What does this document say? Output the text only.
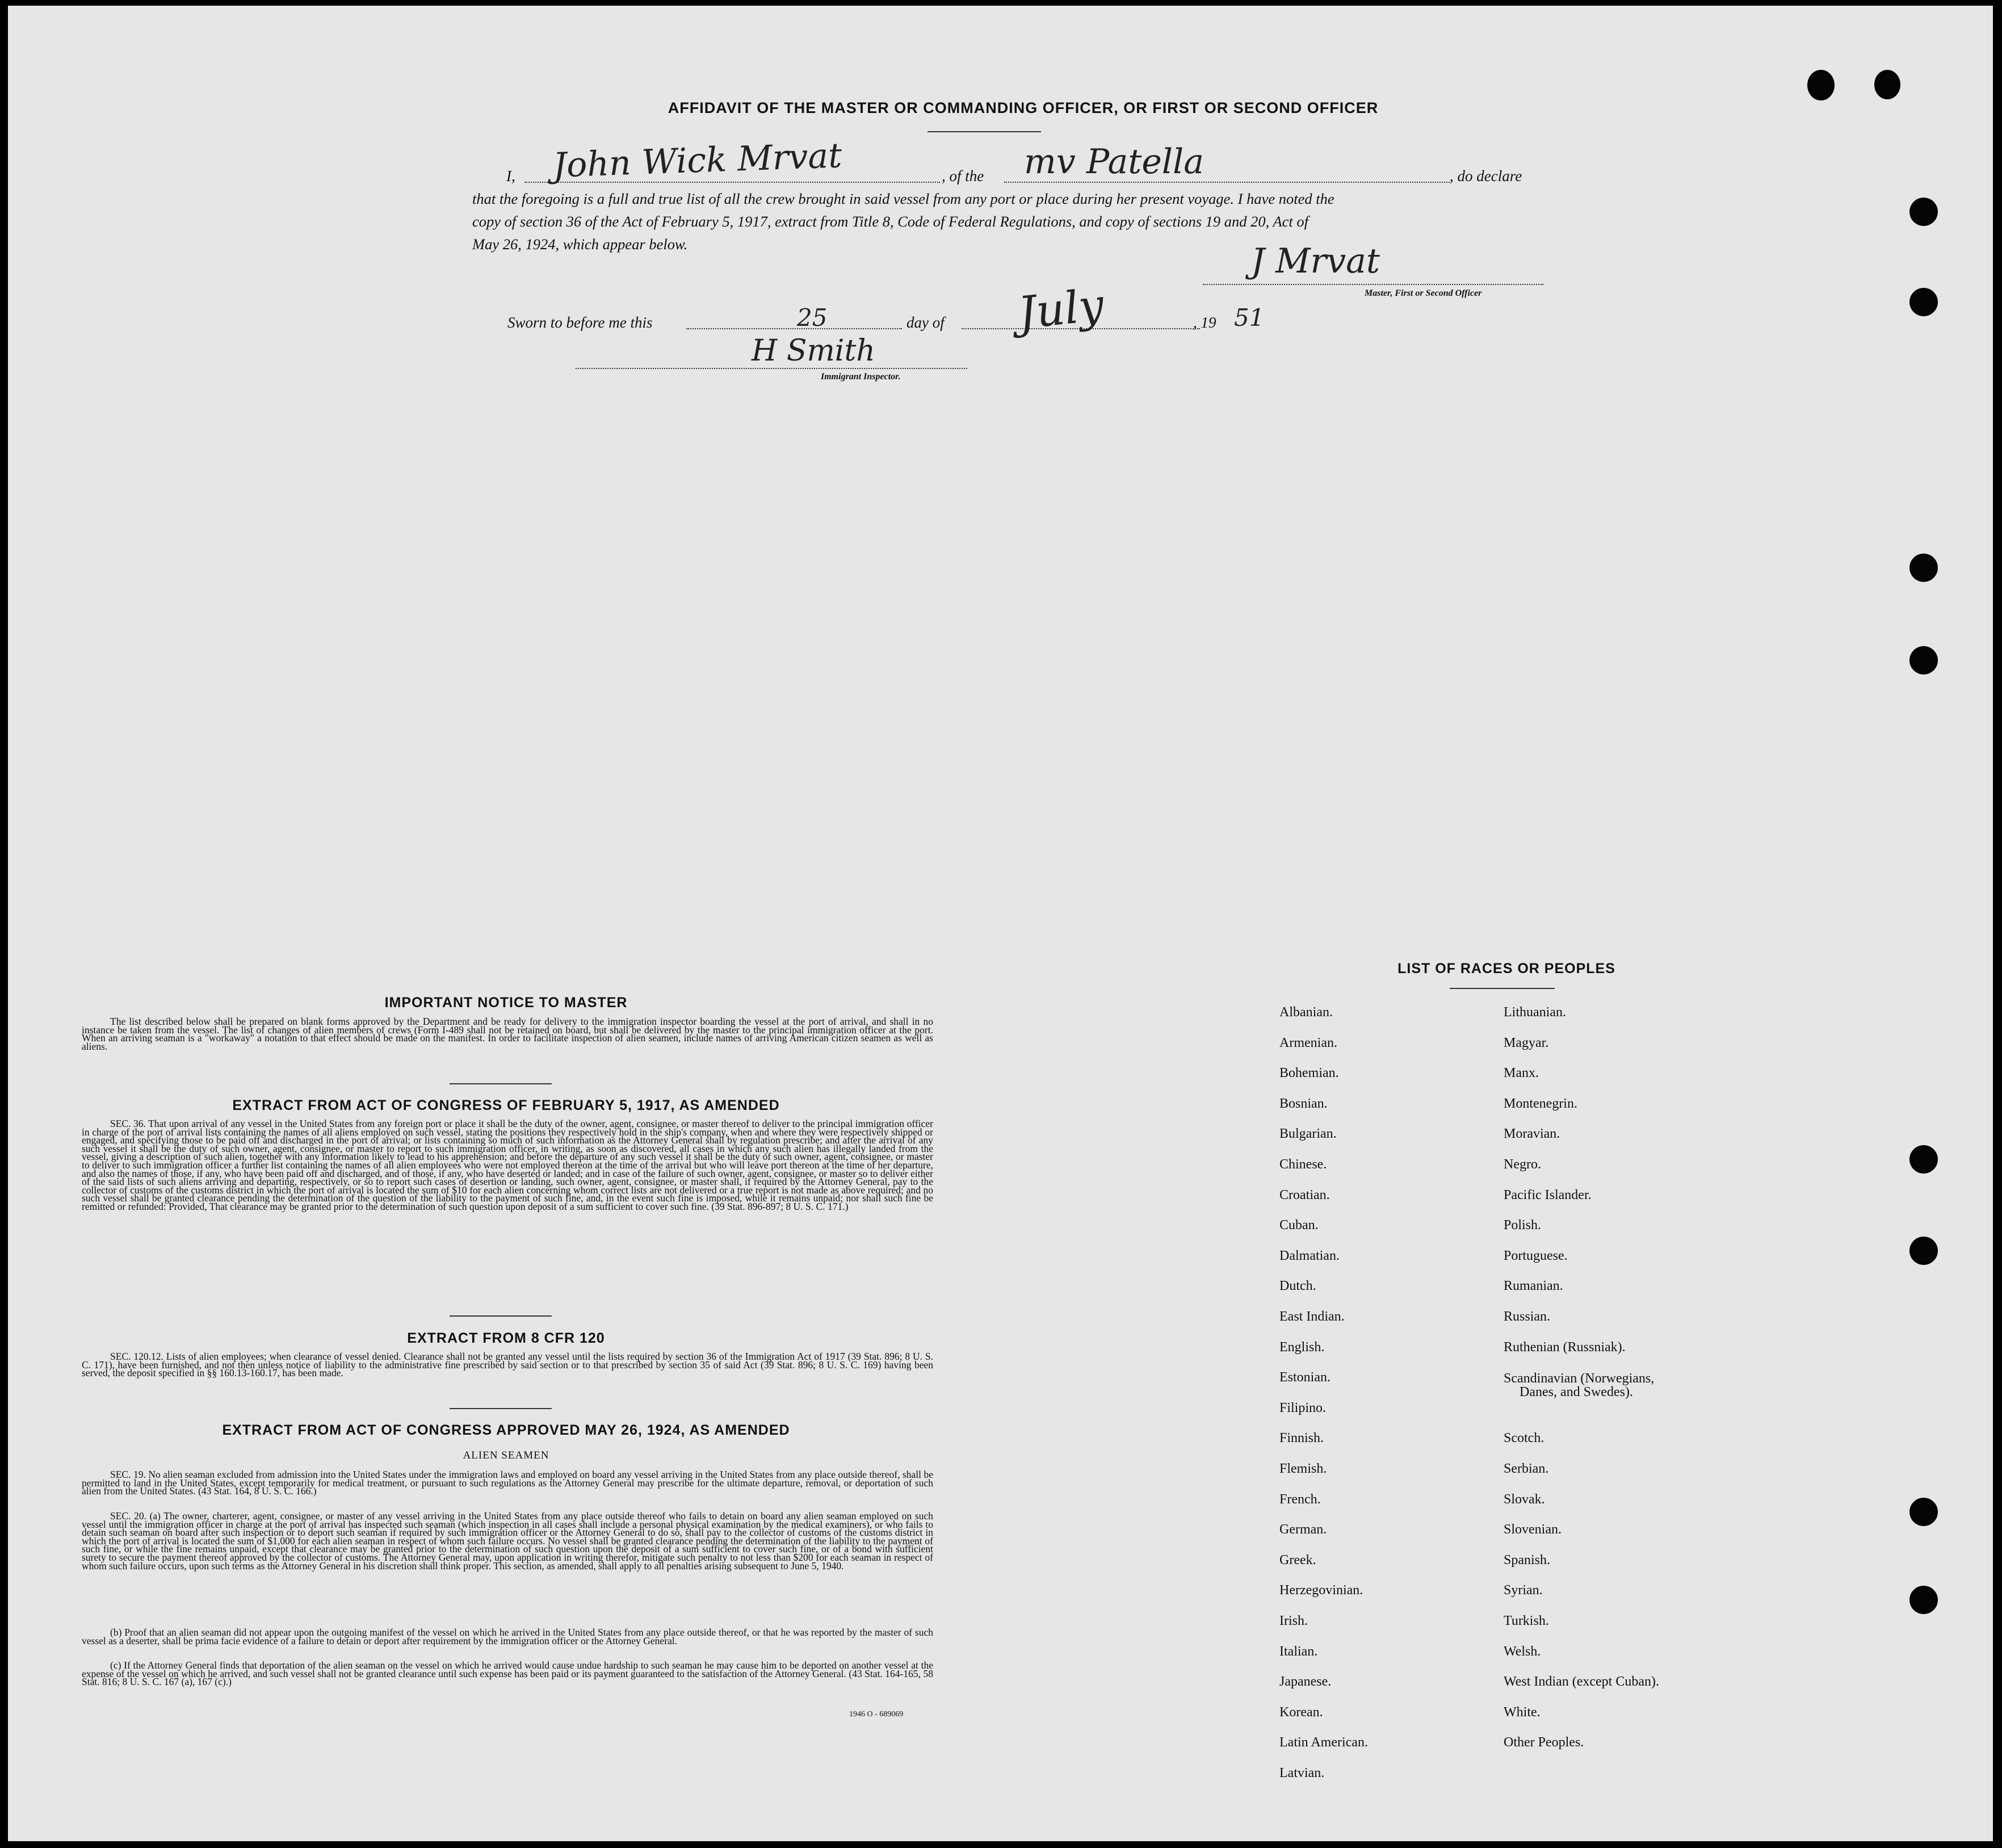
AFFIDAVIT OF THE MASTER OR COMMANDING OFFICER, OR FIRST OR SECOND OFFICER
I, John Wick Mrvat	, of the mv Patella	, do declare
that the foregoing is a full and true list of all the crew brought in said vessel from any port or place during her present voyage. I have noted the
copy of section 36 of the Act of February 5, 1917, extract from Title 8, Code of Federal Regulations, and copy of sections 19 and 20, Act of
May 26, 1924, which appear below.	J Mrvat
Master, First or Second Officer
Sworn to before me this	25	day of July	, 19 51
H Smith
Immigrant Inspector.
IMPORTANT NOTICE TO MASTER
The list described below shall be prepared on blank forms approved by the Department and be ready for delivery to the immigration inspector boarding the vessel at the port of arrival, and shall in no instance be taken from the vessel. The list of changes of alien members of crews (Form I-489 shall not be retained on board, but shall be delivered by the master to the principal immigration officer at the port. When an arriving seaman is a "workaway" a notation to that effect should be made on the manifest. In order to facilitate inspection of alien seamen, include names of arriving American citizen seamen as well as aliens.
EXTRACT FROM ACT OF CONGRESS OF FEBRUARY 5, 1917, AS AMENDED
SEC. 36. That upon arrival of any vessel in the United States from any foreign port or place it shall be the duty of the owner, agent, consignee, or master thereof to deliver to the principal immigration officer in charge of the port of arrival lists containing the names of all aliens employed on such vessel, stating the positions they respectively hold in the ship's company, when and where they were respectively shipped or engaged, and specifying those to be paid off and discharged in the port of arrival; or lists containing so much of such information as the Attorney General shall by regulation prescribe; and after the arrival of any such vessel it shall be the duty of such owner, agent, consignee, or master to report to such immigration officer, in writing, as soon as discovered, all cases in which any such alien has illegally landed from the vessel, giving a description of such alien, together with any information likely to lead to his apprehension; and before the departure of any such vessel it shall be the duty of such owner, agent, consignee, or master to deliver to such immigration officer a further list containing the names of all alien employees who were not employed thereon at the time of the arrival but who will leave port thereon at the time of her departure, and also the names of those, if any, who have been paid off and discharged, and of those, if any, who have deserted or landed; and in case of the failure of such owner, agent, consignee, or master so to deliver either of the said lists of such aliens arriving and departing, respectively, or so to report such cases of desertion or landing, such owner, agent, consignee, or master shall, if required by the Attorney General, pay to the collector of customs of the customs district in which the port of arrival is located the sum of $10 for each alien concerning whom correct lists are not delivered or a true report is not made as above required; and no such vessel shall be granted clearance pending the determination of the question of the liability to the payment of such fine, and, in the event such fine is imposed, while it remains unpaid; nor shall such fine be remitted or refunded: Provided, That clearance may be granted prior to the determination of such question upon deposit of a sum sufficient to cover such fine. (39 Stat. 896-897; 8 U. S. C. 171.)
EXTRACT FROM 8 CFR 120
SEC. 120.12. Lists of alien employees; when clearance of vessel denied. Clearance shall not be granted any vessel until the lists required by section 36 of the Immigration Act of 1917 (39 Stat. 896; 8 U. S. C. 171), have been furnished, and not then unless notice of liability to the administrative fine prescribed by said section or to that prescribed by section 35 of said Act (39 Stat. 896; 8 U. S. C. 169) having been served, the deposit specified in §§ 160.13-160.17, has been made.
EXTRACT FROM ACT OF CONGRESS APPROVED MAY 26, 1924, AS AMENDED
ALIEN SEAMEN
SEC. 19. No alien seaman excluded from admission into the United States under the immigration laws and employed on board any vessel arriving in the United States from any place outside thereof, shall be permitted to land in the United States, except temporarily for medical treatment, or pursuant to such regulations as the Attorney General may prescribe for the ultimate departure, removal, or deportation of such alien from the United States. (43 Stat. 164, 8 U. S. C. 166.)
SEC. 20. (a) The owner, charterer, agent, consignee, or master of any vessel arriving in the United States from any place outside thereof who fails to detain on board any alien seaman employed on such vessel until the immigration officer in charge at the port of arrival has inspected such seaman (which inspection in all cases shall include a personal physical examination by the medical examiners), or who fails to detain such seaman on board after such inspection or to deport such seaman if required by such immigration officer or the Attorney General to do so, shall pay to the collector of customs of the customs district in which the port of arrival is located the sum of $1,000 for each alien seaman in respect of whom such failure occurs. No vessel shall be granted clearance pending the determination of the liability to the payment of such fine, or while the fine remains unpaid, except that clearance may be granted prior to the determination of such question upon the deposit of a sum sufficient to cover such fine, or of a bond with sufficient surety to secure the payment thereof approved by the collector of customs. The Attorney General may, upon application in writing therefor, mitigate such penalty to not less than $200 for each seaman in respect of whom such failure occurs, upon such terms as the Attorney General in his discretion shall think proper. This section, as amended, shall apply to all penalties arising subsequent to June 5, 1940.
(b) Proof that an alien seaman did not appear upon the outgoing manifest of the vessel on which he arrived in the United States from any place outside thereof, or that he was reported by the master of such vessel as a deserter, shall be prima facie evidence of a failure to detain or deport after requirement by the immigration officer or the Attorney General.
(c) If the Attorney General finds that deportation of the alien seaman on the vessel on which he arrived would cause undue hardship to such seaman he may cause him to be deported on another vessel at the expense of the vessel on which he arrived, and such vessel shall not be granted clearance until such expense has been paid or its payment guaranteed to the satisfaction of the Attorney General. (43 Stat. 164-165, 58 Stat. 816; 8 U. S. C. 167 (a), 167 (c).)
1946 O - 689069
LIST OF RACES OR PEOPLES
Albanian.
Armenian.
Bohemian.
Bosnian.
Bulgarian.
Chinese.
Croatian.
Cuban.
Dalmatian.
Dutch.
East Indian.
English.
Estonian.
Filipino.
Finnish.
Flemish.
French.
German.
Greek.
Herzegovinian.
Irish.
Italian.
Japanese.
Korean.
Latin American.
Latvian.
Lithuanian.
Magyar.
Manx.
Montenegrin.
Moravian.
Negro.
Pacific Islander.
Polish.
Portuguese.
Rumanian.
Russian.
Ruthenian (Russniak).
Scotch.
Serbian.
Slovak.
Slovenian.
Spanish.
Syrian.
Turkish.
Welsh.
West Indian (except Cuban).
White.
Other Peoples.
Scandinavian (Norwegians,
Danes, and Swedes).
